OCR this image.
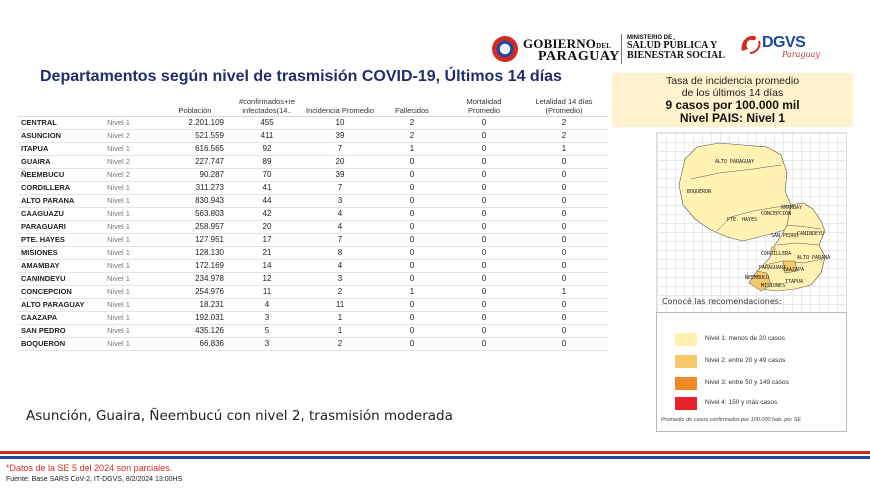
GOBIERNODEL
PARAGUAY
MINISTERIO DE
SALUD PÚBLICA Y
BIENESTAR SOCIAL
DGVS
Paraguay
Departamentos según nivel de trasmisión COVID-19, Últimos 14 días	Tasa de incidencia promedio
de los últimos 14 días
9 casos por 100.000 mil
Nivel PAIS: Nivel 1
		Población	#confirmados+re infectados(14..	Incidencia Promedio	Fallecidos	Mortalidad Promedio	Letalidad 14 días (Promedio)
CENTRAL	Nivel 1	2.201.109	455	10	2	0	2
ASUNCION	Nivel 2	521.559	411	39	2	0	2
ITAPUA	Nivel 1	616.565	92	7	1	0	1
GUAIRA	Nivel 2	227.747	89	20	0	0	0
ÑEEMBUCU	Nivel 2	90.287	70	39	0	0	0
CORDILLERA	Nivel 1	311.273	41	7	0	0	0
ALTO PARANA	Nivel 1	830.943	44	3	0	0	0
CAAGUAZU	Nivel 1	563.803	42	4	0	0	0
PARAGUARI	Nivel 1	258.957	20	4	0	0	0
PTE. HAYES	Nivel 1	127.951	17	7	0	0	0
MISIONES	Nivel 1	128.130	21	8	0	0	0
AMAMBAY	Nivel 1	172.169	14	4	0	0	0
CANINDEYU	Nivel 1	234.978	12	3	0	0	0
CONCEPCION	Nivel 1	254.976	11	2	1	0	1
ALTO PARAGUAY	Nivel 1	18.231	4	11	0	0	0
CAAZAPA	Nivel 1	192.031	3	1	0	0	0
SAN PEDRO	Nivel 1	435.126	5	1	0	0	0
BOQUERON	Nivel 1	66.836	3	2	0	0	0
Asunción, Guaira, Ñeembucú con nivel 2, trasmisión moderada
ALTO PARAGUAY
BOQUERON
AMAMBAY
PTE. HAYES
CONCEPCION
SAN PEDRO
CANINDEYU
CORDILLERA
ALTO PARANA
PARAGUARI
CAAZAPA
ÑEEMBUCU
ITAPUA
MISIONES
Conocé las recomendaciones:
Nivel 1: menos de 20 casos
Nivel 2: entre 20 y 49 casos
Nivel 3: entre 50 y 149 casos
Nivel 4: 150 y más casos
Promedio de casos confirmados por 100.000 hab. por SE
*Datos de la SE 5 del 2024 son parciales.
Fuente: Base SARS CoV-2, IT-DGVS, 8/2/2024 13:00HS
